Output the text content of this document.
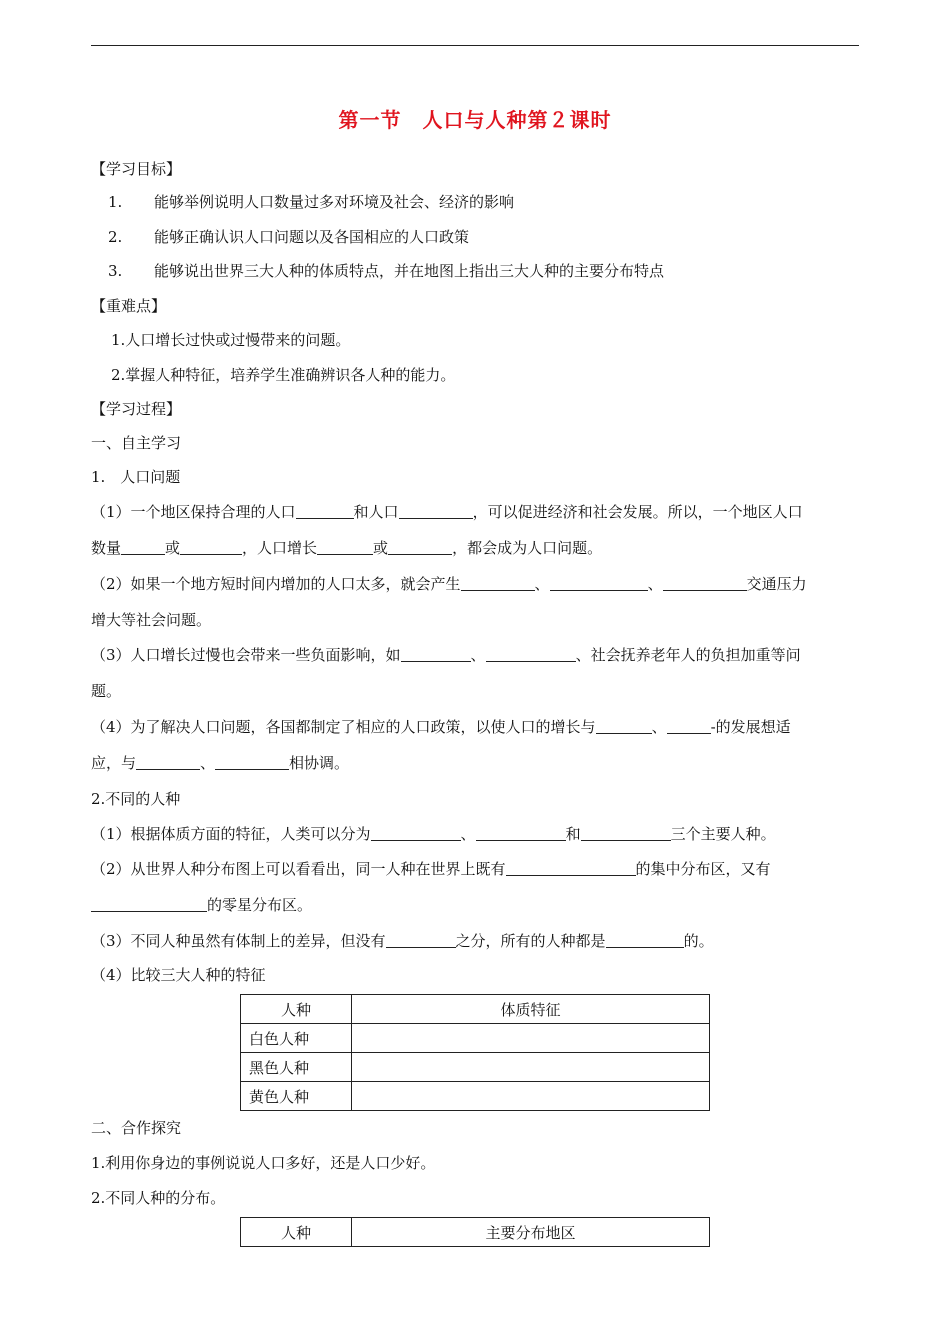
第一节　人口与人种第２课时
【学习目标】
1. 能够举例说明人口数量过多对环境及社会、经济的影响
2. 能够正确认识人口问题以及各国相应的人口政策
3. 能够说出世界三大人种的体质特点，并在地图上指出三大人种的主要分布特点
【重难点】
1.人口增长过快或过慢带来的问题。
2.掌握人种特征，培养学生准确辨识各人种的能力。
【学习过程】
一、自主学习
1.　人口问题
（1）一个地区保持合理的人口	和人口	，可以促进经济和社会发展。所以，一个地区人口
数量	或	，人口增长	或	，都会成为人口问题。
（2）如果一个地方短时间内增加的人口太多，就会产生	、	、	交通压力
增大等社会问题。
（3）人口增长过慢也会带来一些负面影响，如	、	、社会抚养老年人的负担加重等问
题。
（4）为了解决人口问题，各国都制定了相应的人口政策，以使人口的增长与	、	-的发展想适
应，与	、	相协调。
2.不同的人种
（1）根据体质方面的特征，人类可以分为	、	和	三个主要人种。
（2）从世界人种分布图上可以看看出，同一人种在世界上既有	的集中分布区，又有
的零星分布区。
（3）不同人种虽然有体制上的差异，但没有	之分，所有的人种都是	的。
（4）比较三大人种的特征
人种	体质特征
白色人种	
黑色人种	
黄色人种	
二、合作探究
1.利用你身边的事例说说人口多好，还是人口少好。
2.不同人种的分布。
人种	主要分布地区
